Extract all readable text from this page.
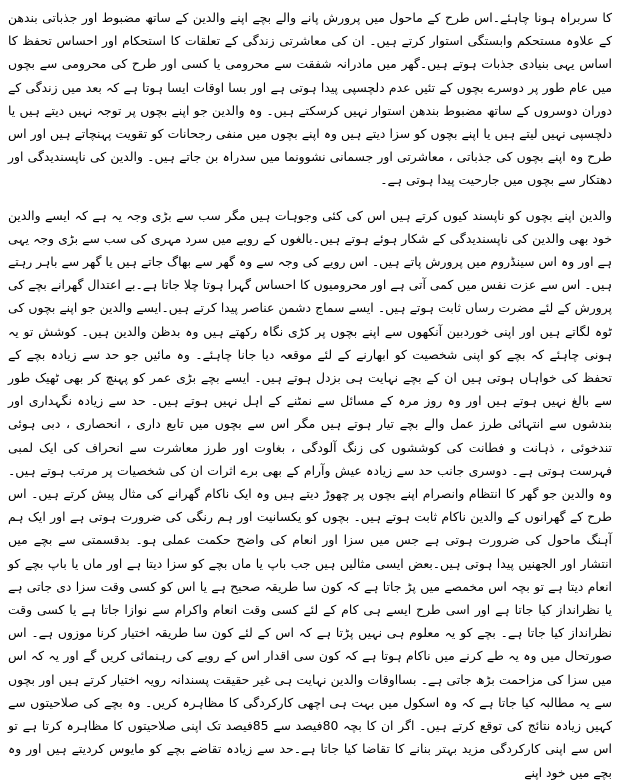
کا سربراہ ہونا چاہئے۔اس طرح کے ماحول میں پرورش پانے والے بچے اپنے والدین کے ساتھ مضبوط اور جذباتی بندھن کے علاوہ مستحکم وابستگی استوار کرتے ہیں۔ ان کی معاشرتی زندگی کے تعلقات کا استحکام اور احساس تحفظ کا اساس یہی بنیادی جذبات ہوتے ہیں۔گھر میں مادرانہ شفقت سے محرومی یا کسی اور طرح کی محرومی سے بچوں میں عام طور پر دوسرے بچوں کے تئیں عدم دلچسپی پیدا ہوتی ہے اور بسا اوقات ایسا ہوتا ہے کہ بعد میں زندگی کے دوران دوسروں کے ساتھ مضبوط بندھن استوار نہیں کرسکتے ہیں۔ وہ والدین جو اپنے بچوں پر توجہ نہیں دیتے ہیں یا دلچسپی نہیں لیتے ہیں یا اپنے بچوں کو سزا دیتے ہیں وہ اپنے بچوں میں منفی رجحانات کو تقویت پہنچاتے ہیں اور اس طرح وہ اپنے بچوں کی جذباتی ، معاشرتی اور جسمانی نشوونما میں سدراہ بن جاتے ہیں۔ والدین کی ناپسندیدگی اور دھتکار سے بچوں میں جارحیت پیدا ہوتی ہے۔

والدین اپنے بچوں کو ناپسند کیوں کرتے ہیں اس کی کئی وجوہات ہیں مگر سب سے بڑی وجہ یہ ہے کہ ایسے والدین خود بھی والدین کی ناپسندیدگی کے شکار ہوئے ہوتے ہیں۔بالغوں کے رویے میں سرد مہری کی سب سے بڑی وجہ یہی ہے اور وہ اس سینڈروم میں پرورش پاتے ہیں۔ اس رویے کی وجہ سے وہ گھر سے بھاگ جاتے ہیں یا گھر سے باہر رہتے ہیں۔ اس سے عزت نفس میں کمی آتی ہے اور محرومیوں کا احساس گہرا ہوتا چلا جاتا ہے۔بے اعتدال گھرانے بچے کی پرورش کے لئے مضرت رساں ثابت ہوتے ہیں۔ ایسے سماج دشمن عناصر پیدا کرتے ہیں۔ایسے والدین جو اپنے بچوں کی ٹوہ لگاتے ہیں اور اپنی خوردبین آنکھوں سے اپنے بچوں پر کڑی نگاہ رکھتے ہیں وہ بدظن والدین ہیں۔ کوشش تو یہ ہونی چاہئے کہ بچے کو اپنی شخصیت کو ابھارنے کے لئے موقعہ دیا جانا چاہئے۔ وہ مائیں جو حد سے زیادہ بچے کے تحفظ کی خواہاں ہوتی ہیں ان کے بچے نہایت ہی بزدل ہوتے ہیں۔ ایسے بچے بڑی عمر کو پہنچ کر بھی ٹھیک طور سے بالغ نہیں ہوتے ہیں اور وہ روز مرہ کے مسائل سے نمٹنے کے اہل نہیں ہوتے ہیں۔ حد سے زیادہ نگہداری اور بندشوں سے انتہائی طرز عمل والے بچے تیار ہوتے ہیں مگر اس سے بچوں میں تابع داری ، انحصاری ، دبی ہوئی تندخوئی ، ذہانت و فطانت کی کوششوں کی زنگ آلودگی ، بغاوت اور طرز معاشرت سے انحراف کی ایک لمبی فہرست ہوتی ہے۔ دوسری جانب حد سے زیادہ عیش وآرام کے بھی برے اثرات ان کی شخصیات پر مرتب ہوتے ہیں۔ وہ والدین جو گھر کا انتظام وانصرام اپنے بچوں پر چھوڑ دیتے ہیں وہ ایک ناکام گھرانے کی مثال پیش کرتے ہیں۔ اس طرح کے گھرانوں کے والدین ناکام ثابت ہوتے ہیں۔ بچوں کو یکسانیت اور ہم رنگی کی ضرورت ہوتی ہے اور ایک ہم آہنگ ماحول کی ضرورت ہوتی ہے جس میں سزا اور انعام کی واضح حکمت عملی ہو۔ بدقسمتی سے بچے میں انتشار اور الجھنیں پیدا ہوتی ہیں۔بعض ایسی مثالیں ہیں جب باپ یا ماں بچے کو سزا دیتا ہے اور ماں یا باپ بچے کو انعام دیتا ہے تو بچہ اس مخمصے میں پڑ جاتا ہے کہ کون سا طریقہ صحیح ہے یا اس کو کسی وقت سزا دی جاتی ہے یا نظرانداز کیا جاتا ہے اور اسی طرح ایسے ہی کام کے لئے کسی وقت انعام واکرام سے نوازا جاتا ہے یا کسی وقت نظرانداز کیا جاتا ہے۔ بچے کو یہ معلوم ہی نہیں پڑتا ہے کہ اس کے لئے کون سا طریقہ اختیار کرنا موزوں ہے۔ اس صورتحال میں وہ یہ طے کرنے میں ناکام ہوتا ہے کہ کون سی اقدار اس کے رویے کی رہنمائی کریں گے اور یہ کہ اس میں سزا کی مزاحمت بڑھ جاتی ہے۔ بسااوقات والدین نہایت ہی غیر حقیقت پسندانہ رویہ اختیار کرتے ہیں اور بچوں سے یہ مطالبہ کیا جاتا ہے کہ وہ اسکول میں بہت ہی اچھی کارکردگی کا مظاہرہ کریں۔ وہ بچے کی صلاحیتوں سے کہیں زیادہ نتائج کی توقع کرتے ہیں۔ اگر ان کا بچہ 80فیصد سے 85فیصد تک اپنی صلاحیتوں کا مظاہرہ کرتا ہے تو اس سے اپنی کارکردگی مزید بہتر بنانے کا تقاضا کیا جاتا ہے۔حد سے زیادہ تقاضے بچے کو مایوس کردیتے ہیں اور وہ بچے میں خود اپنے
